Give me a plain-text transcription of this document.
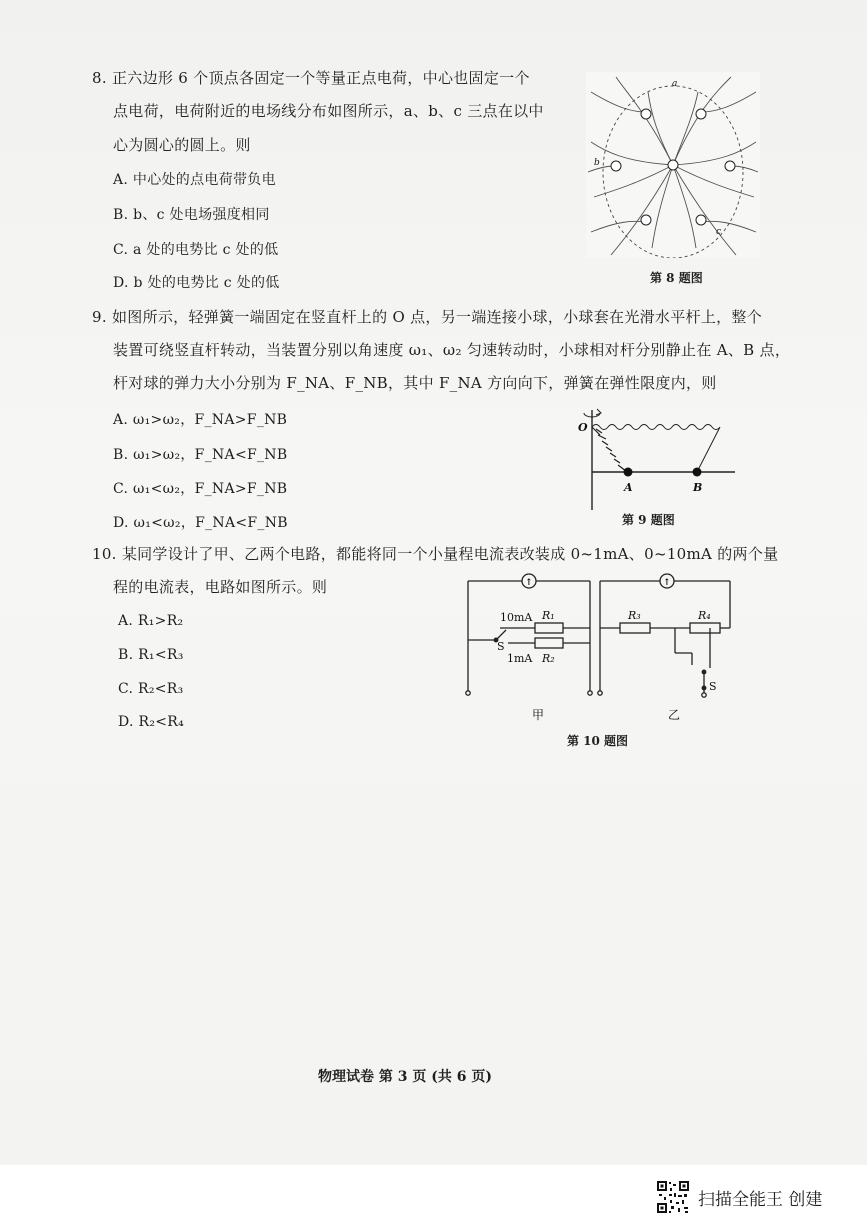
8. 正六边形 6 个顶点各固定一个等量正点电荷，中心也固定一个
点电荷，电荷附近的电场线分布如图所示，a、b、c 三点在以中
心为圆心的圆上。则
A. 中心处的点电荷带负电
B. b、c 处电场强度相同
C. a 处的电势比 c 处的低
D. b 处的电势比 c 处的低
a
b
c
第 8 题图
9. 如图所示，轻弹簧一端固定在竖直杆上的 O 点，另一端连接小球，小球套在光滑水平杆上，整个
装置可绕竖直杆转动，当装置分别以角速度 ω₁、ω₂ 匀速转动时，小球相对杆分别静止在 A、B 点，
杆对球的弹力大小分别为 F_NA、F_NB，其中 F_NA 方向向下，弹簧在弹性限度内，则
A. ω₁>ω₂，F_NA>F_NB
B. ω₁>ω₂，F_NA<F_NB
C. ω₁<ω₂，F_NA>F_NB
D. ω₁<ω₂，F_NA<F_NB
O
A	B
第 9 题图
10. 某同学设计了甲、乙两个电路，都能将同一个小量程电流表改装成 0~1mA、0~10mA 的两个量
程的电流表，电路如图所示。则
A. R₁>R₂
B. R₁<R₃
C. R₂<R₃
D. R₂<R₄
↑	↑
10mA R₁
S
1mA R₂
R₃	R₄
S
甲	乙
第 10 题图
物理试卷 第 3 页 (共 6 页)
扫描全能王 创建
